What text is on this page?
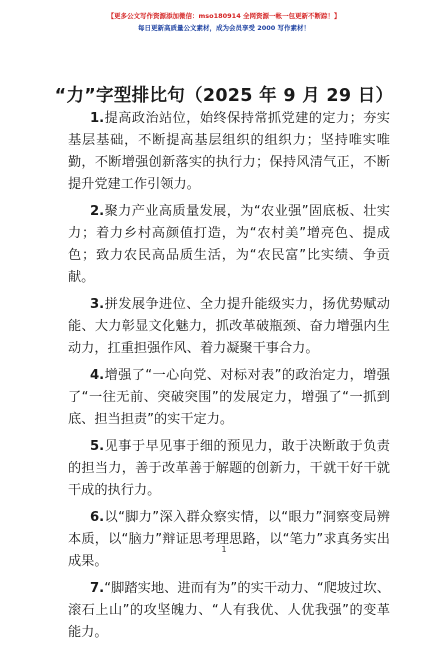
【更多公文写作资源添加微信：mso180914 全网资源一帐一包更新不断踪！】
每日更新高质量公文素材，成为会员享受 2000 写作素材！
“力”字型排比句（2025 年 9 月 29 日）

1.提高政治站位，始终保持常抓党建的定力；夯实基层基础，不断提高基层组织的组织力；坚持唯实唯勤，不断增强创新落实的执行力；保持风清气正，不断提升党建工作引领力。

2.聚力产业高质量发展，为“农业强”固底板、壮实力；着力乡村高颜值打造，为“农村美”增亮色、提成色；致力农民高品质生活，为“农民富”比实绩、争贡献。

3.拼发展争进位、全力提升能级实力，扬优势赋动能、大力彰显文化魅力，抓改革破瓶颈、奋力增强内生动力，扛重担强作风、着力凝聚干事合力。

4.增强了“一心向党、对标对表”的政治定力，增强了“一往无前、突破突围”的发展定力，增强了“一抓到底、担当担责”的实干定力。

5.见事于早见事于细的预见力，敢于决断敢于负责的担当力，善于改革善于解题的创新力，干就干好干就干成的执行力。

6.以“脚力”深入群众察实情，以“眼力”洞察变局辨本质，以“脑力”辩证思考理思路，以“笔力”求真务实出成果。

7.“脚踏实地、进而有为”的实干动力、“爬坡过坎、滚石上山”的攻坚魄力、“人有我优、人优我强”的变革能力。

1
